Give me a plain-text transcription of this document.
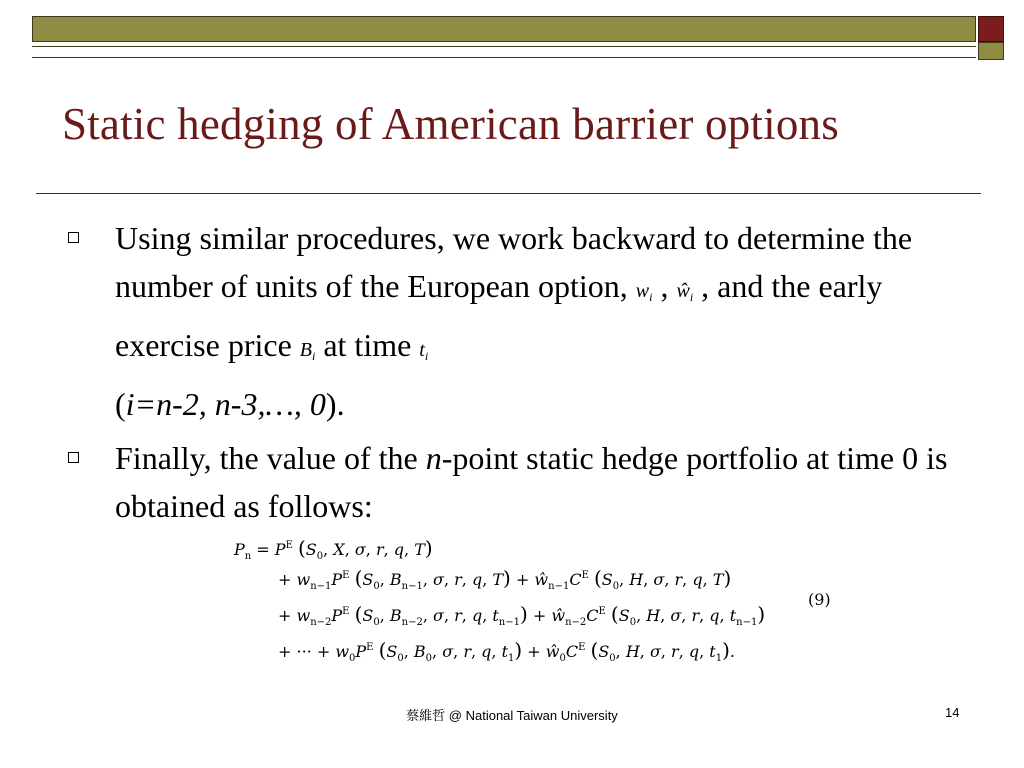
Static hedging of American barrier options
Using similar procedures, we work backward to determine the number of units of the European option, $w_i$ , $ŵ_i$ , and the early exercise price $B_i$ at time $t_i$
(i=n-2, n-3,…, 0).
Finally, the value of the n-point static hedge portfolio at time 0 is obtained as follows:
$P_n = P^E$ ($S_0$, X, σ, r, q, T)
+ $w_{n-1}P^E$ ($S_0$, $B_{n-1}$, σ, r, q, $T) + ŵ_{n-1}C^E$ ($S_0$, H, σ, r, q, T)
+ $w_{n-2}P^E$ ($S_0$, $B_{n-2}$, σ, r, q, $t_{n-1}$) + $ŵ_{n-2}C^E$ ($S_0$, H, σ, r, q, $t_{n-1}$)
+ ··· + $w_0P^E$ ($S_0$, $B_0$, σ, r, q, $t_1$) + $ŵ_0C^E$ ($S_0$, H, σ, r, q, $t_1$).
(9)
蔡維哲 @ National Taiwan University	14
